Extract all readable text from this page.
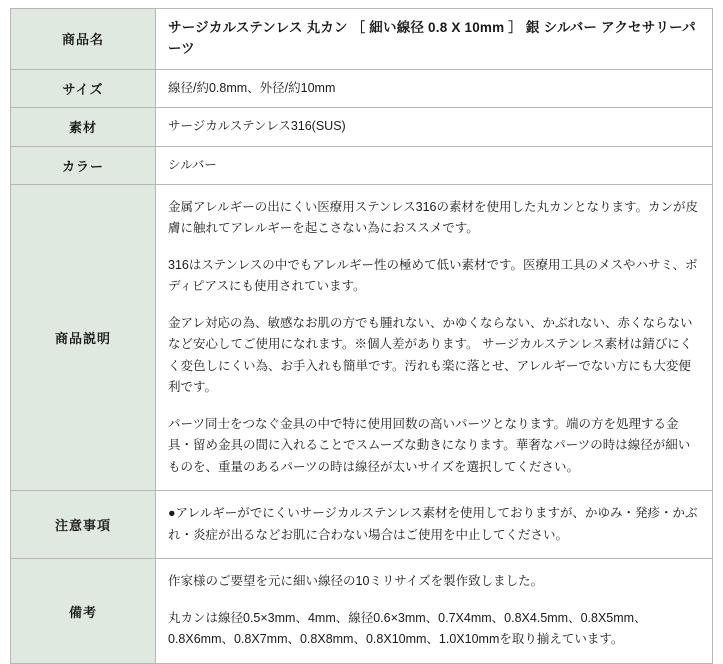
商品名	サージカルステンレス 丸カン ［ 細い線径 0.8 X 10mm ］ 銀 シルバー アクセサリーパーツ
サイズ	線径/約0.8mm、外径/約10mm
素材	サージカルステンレス316(SUS)
カラー	シルバー
商品説明	金属アレルギーの出にくい医療用ステンレス316の素材を使用した丸カンとなります。カンが皮膚に触れてアレルギーを起こさない為におススメです。

316はステンレスの中でもアレルギー性の極めて低い素材です。医療用工具のメスやハサミ、ボディピアスにも使用されています。

金アレ対応の為、敏感なお肌の方でも腫れない、かゆくならない、かぶれない、赤くならないなど安心してご使用になれます。※個人差があります。 サージカルステンレス素材は錆びにくく変色しにくい為、お手入れも簡単です。汚れも楽に落とせ、アレルギーでない方にも大変便利です。

パーツ同士をつなぐ金具の中で特に使用回数の高いパーツとなります。端の方を処理する金具・留め金具の間に入れることでスムーズな動きになります。華奢なパーツの時は線径が細いものを、重量のあるパーツの時は線径が太いサイズを選択してください。

注意事項	●アレルギーがでにくいサージカルステンレス素材を使用しておりますが、かゆみ・発疹・かぶれ・炎症が出るなどお肌に合わない場合はご使用を中止してください。

備考	作家様のご要望を元に細い線径の10ミリサイズを製作致しました。

丸カンは線径0.5×3mm、4mm、線径0.6×3mm、0.7X4mm、0.8X4.5mm、0.8X5mm、0.8X6mm、0.8X7mm、0.8X8mm、0.8X10mm、1.0X10mmを取り揃えています。
